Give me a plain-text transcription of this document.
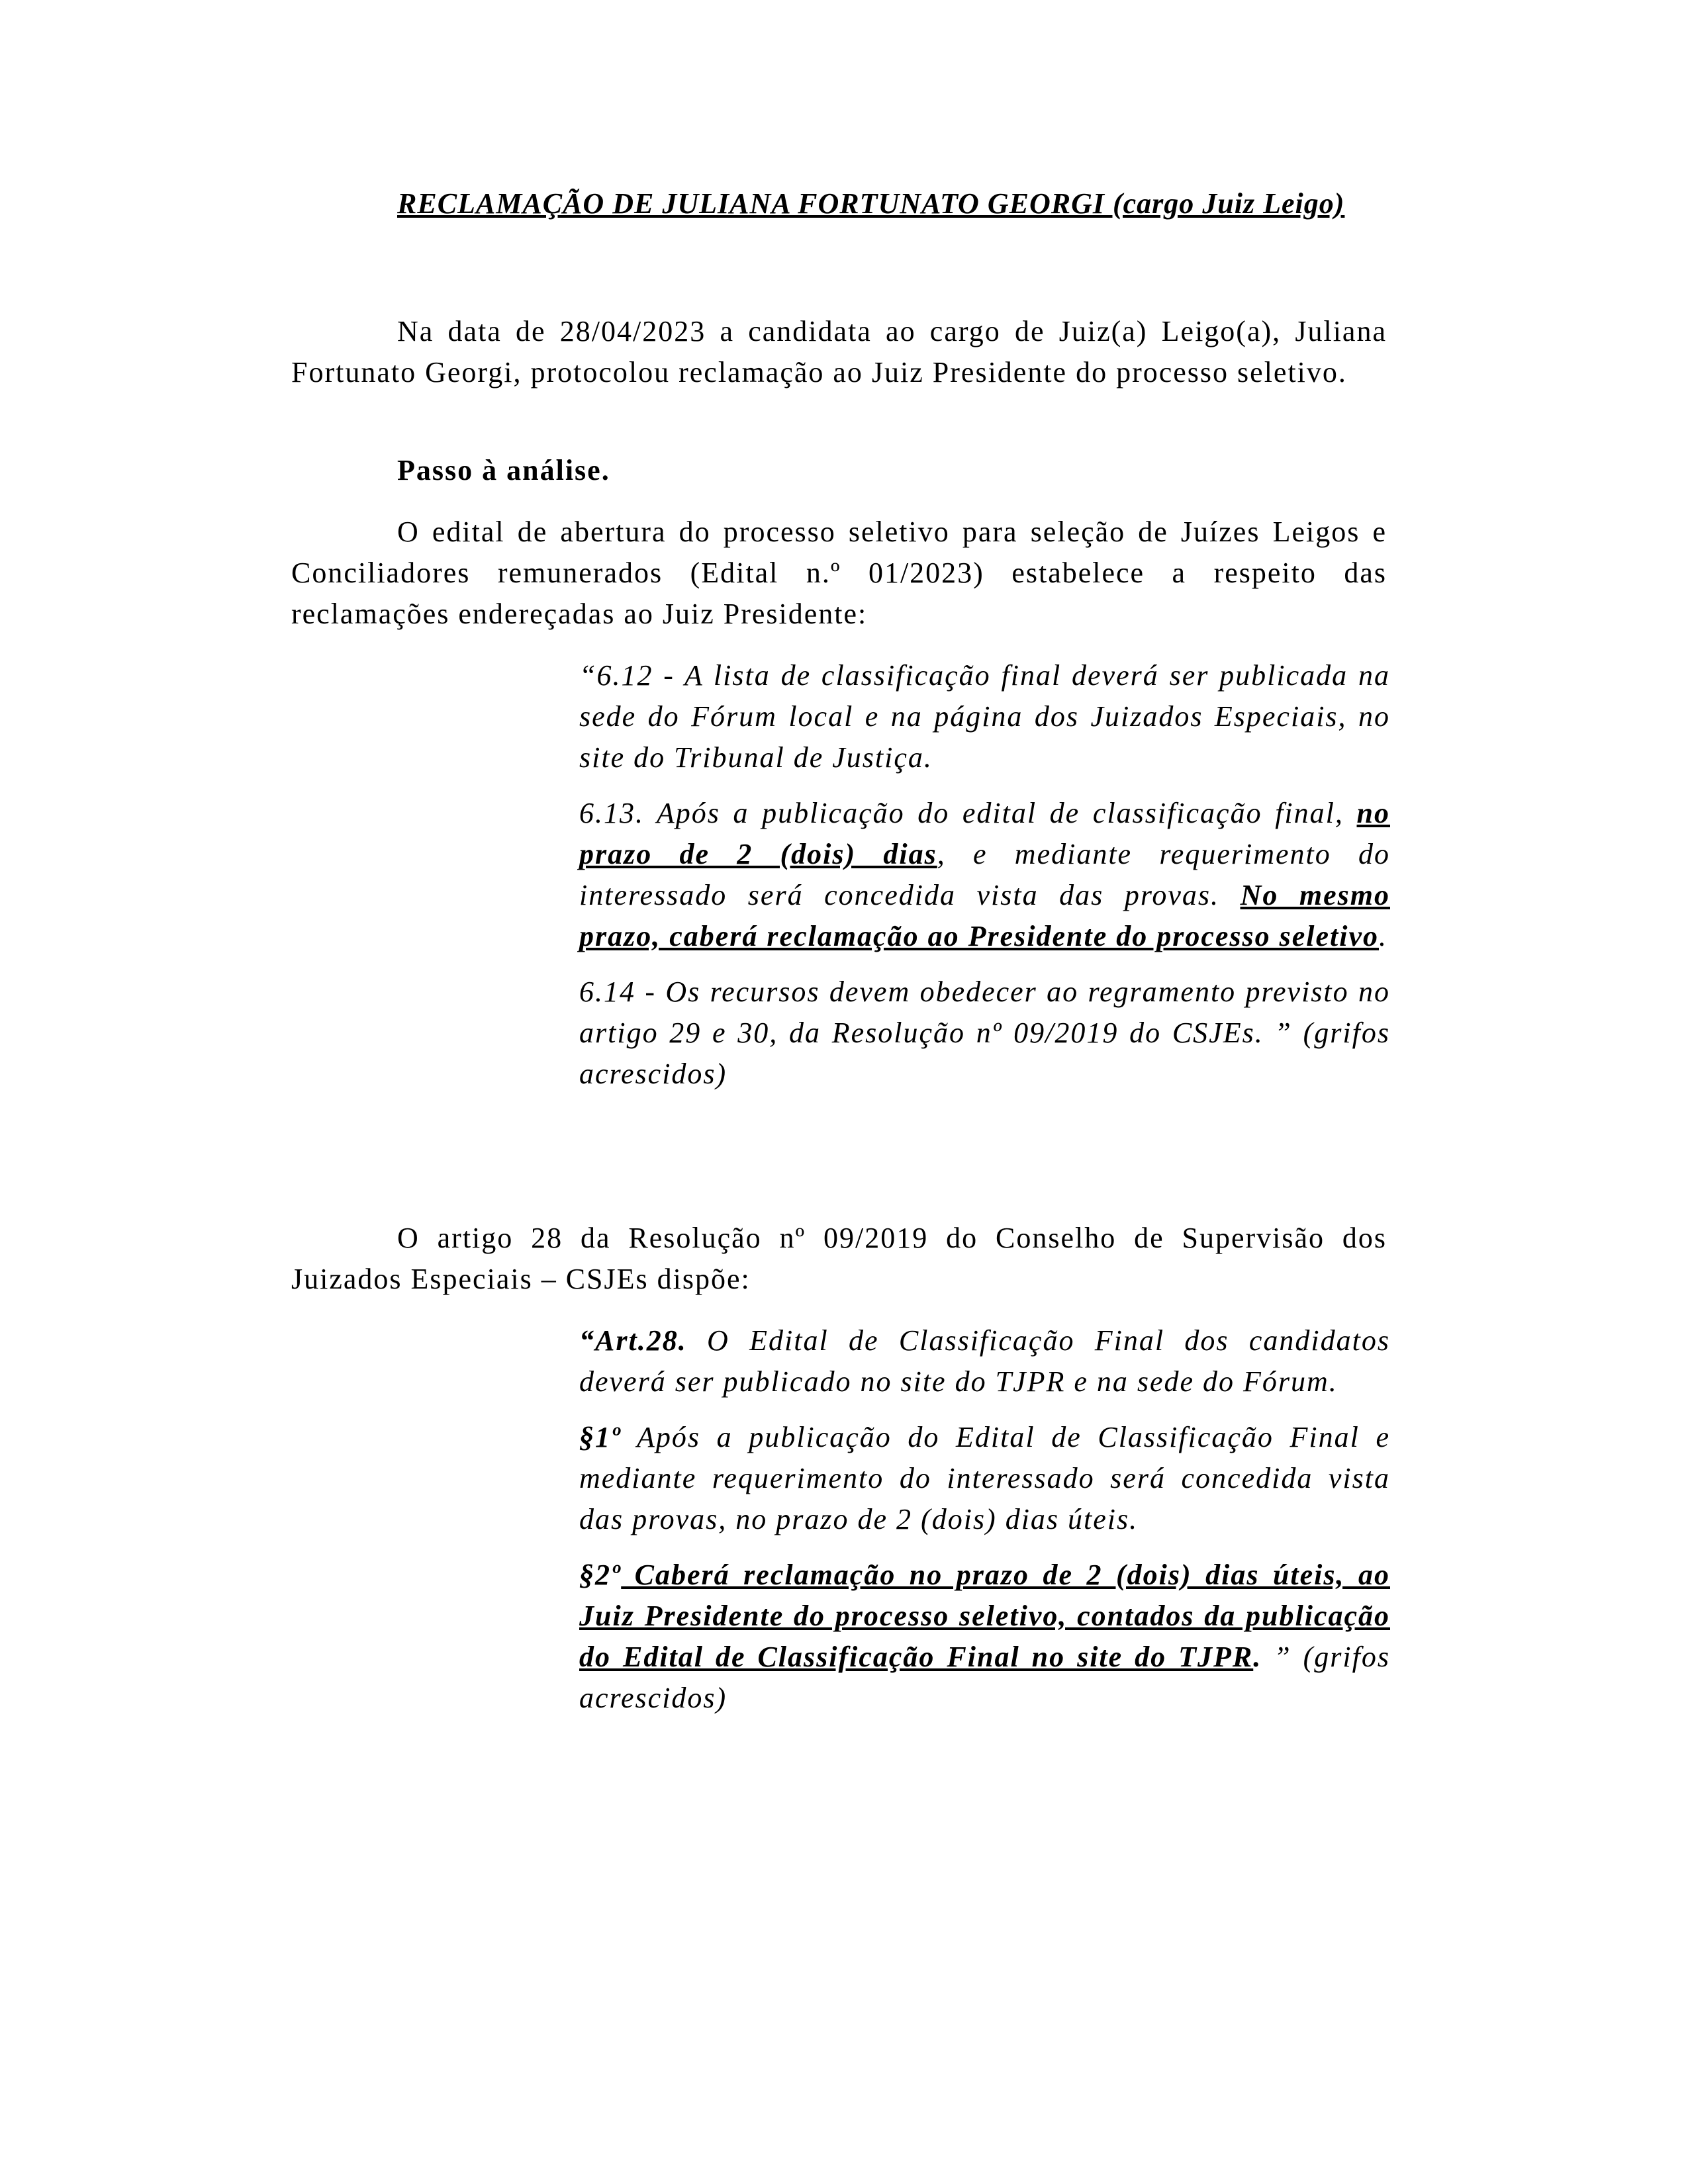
RECLAMAÇÃO DE JULIANA FORTUNATO GEORGI (cargo Juiz Leigo)

Na data de 28/04/2023 a candidata ao cargo de Juiz(a) Leigo(a), Juliana Fortunato Georgi, protocolou reclamação ao Juiz Presidente do processo seletivo.

Passo à análise.

O edital de abertura do processo seletivo para seleção de Juízes Leigos e Conciliadores remunerados (Edital n.º 01/2023) estabelece a respeito das reclamações endereçadas ao Juiz Presidente:

“6.12 - A lista de classificação final deverá ser publicada na sede do Fórum local e na página dos Juizados Especiais, no site do Tribunal de Justiça.

6.13. Após a publicação do edital de classificação final, no prazo de 2 (dois) dias, e mediante requerimento do interessado será concedida vista das provas. No mesmo prazo, caberá reclamação ao Presidente do processo seletivo.

6.14 - Os recursos devem obedecer ao regramento previsto no artigo 29 e 30, da Resolução nº 09/2019 do CSJEs. ” (grifos acrescidos)

O artigo 28 da Resolução nº 09/2019 do Conselho de Supervisão dos Juizados Especiais – CSJEs dispõe:

“Art.28. O Edital de Classificação Final dos candidatos deverá ser publicado no site do TJPR e na sede do Fórum.

§1º Após a publicação do Edital de Classificação Final e mediante requerimento do interessado será concedida vista das provas, no prazo de 2 (dois) dias úteis.

§2º Caberá reclamação no prazo de 2 (dois) dias úteis, ao Juiz Presidente do processo seletivo, contados da publicação do Edital de Classificação Final no site do TJPR. ” (grifos acrescidos)
